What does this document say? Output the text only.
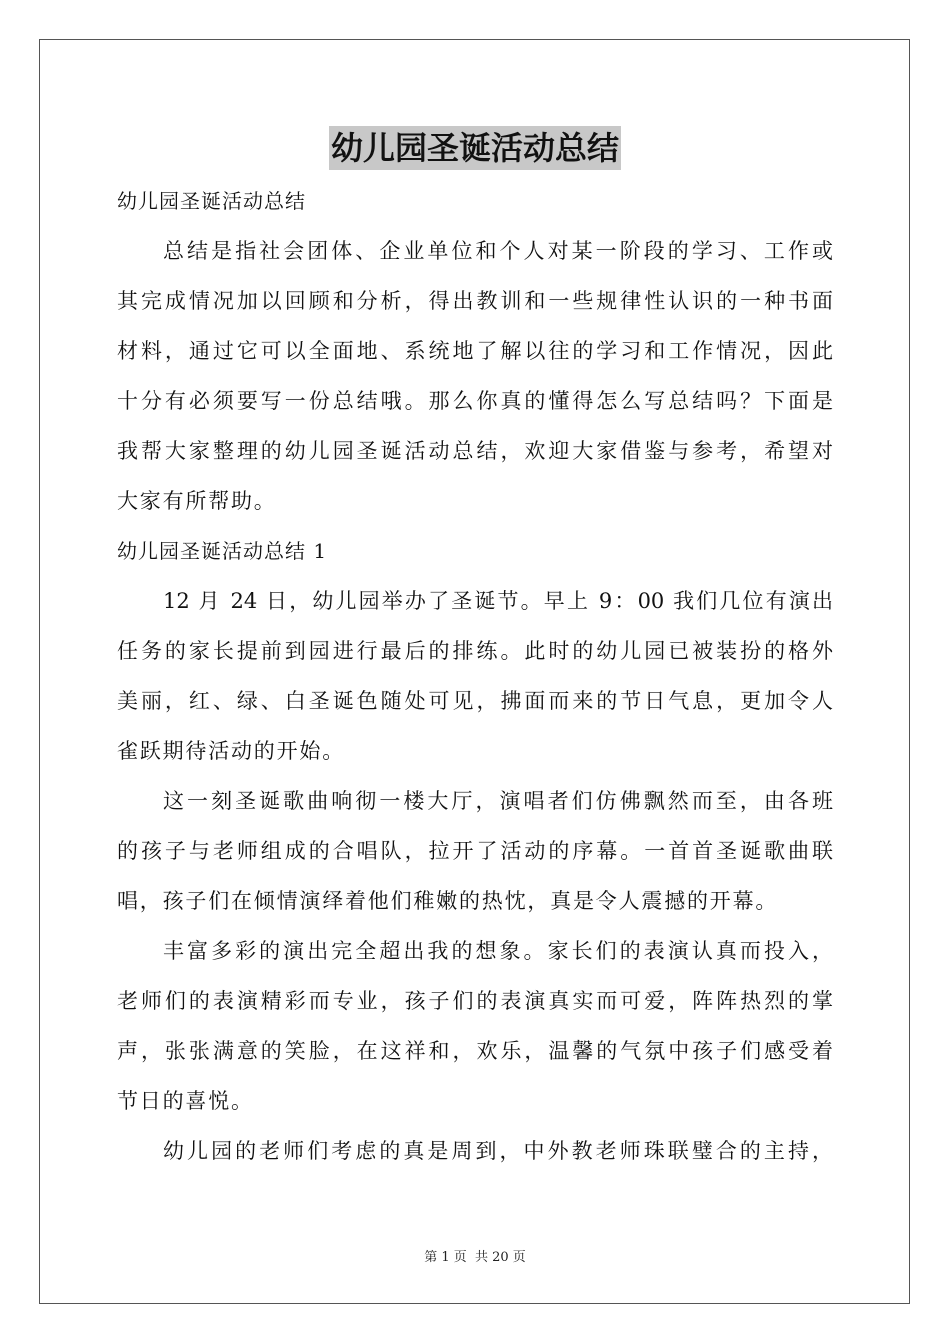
幼儿园圣诞活动总结
幼儿园圣诞活动总结
总结是指社会团体、企业单位和个人对某一阶段的学习、工作或
其完成情况加以回顾和分析，得出教训和一些规律性认识的一种书面
材料，通过它可以全面地、系统地了解以往的学习和工作情况，因此
十分有必须要写一份总结哦。那么你真的懂得怎么写总结吗？下面是
我帮大家整理的幼儿园圣诞活动总结，欢迎大家借鉴与参考，希望对
大家有所帮助。
幼儿园圣诞活动总结 1
12 月 24 日，幼儿园举办了圣诞节。早上 9：00 我们几位有演出
任务的家长提前到园进行最后的排练。此时的幼儿园已被装扮的格外
美丽，红、绿、白圣诞色随处可见，拂面而来的节日气息，更加令人
雀跃期待活动的开始。
这一刻圣诞歌曲响彻一楼大厅，演唱者们仿佛飘然而至，由各班
的孩子与老师组成的合唱队，拉开了活动的序幕。一首首圣诞歌曲联
唱，孩子们在倾情演绎着他们稚嫩的热忱，真是令人震撼的开幕。
丰富多彩的演出完全超出我的想象。家长们的表演认真而投入，
老师们的表演精彩而专业，孩子们的表演真实而可爱，阵阵热烈的掌
声，张张满意的笑脸，在这祥和，欢乐，温馨的气氛中孩子们感受着
节日的喜悦。
幼儿园的老师们考虑的真是周到，中外教老师珠联璧合的主持，
第 1 页 共 20 页
